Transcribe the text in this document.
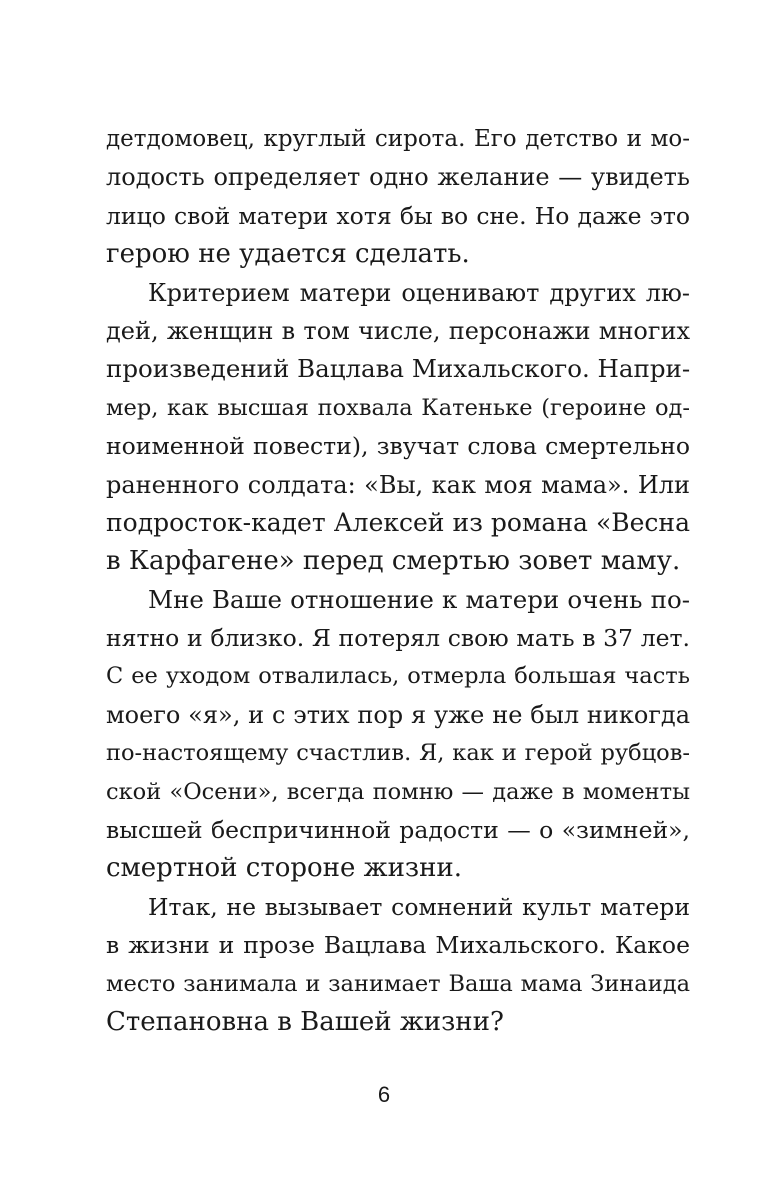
детдомовец, круглый сирота. Его детство и мо-
лодость определяет одно желание — увидеть
лицо свой матери хотя бы во сне. Но даже это
герою не удается сделать.
Критерием матери оценивают других лю-
дей, женщин в том числе, персонажи многих
произведений Вацлава Михальского. Напри-
мер, как высшая похвала Катеньке (героине од-
ноименной повести), звучат слова смертельно
раненного солдата: «Вы, как моя мама». Или
подросток-кадет Алексей из романа «Весна
в Карфагене» перед смертью зовет маму.
Мне Ваше отношение к матери очень по-
нятно и близко. Я потерял свою мать в 37 лет.
С ее уходом отвалилась, отмерла большая часть
моего «я», и с этих пор я уже не был никогда
по-настоящему счастлив. Я, как и герой рубцов-
ской «Осени», всегда помню — даже в моменты
высшей беспричинной радости — о «зимней»,
смертной стороне жизни.
Итак, не вызывает сомнений культ матери
в жизни и прозе Вацлава Михальского. Какое
место занимала и занимает Ваша мама Зинаида
Степановна в Вашей жизни?
6
